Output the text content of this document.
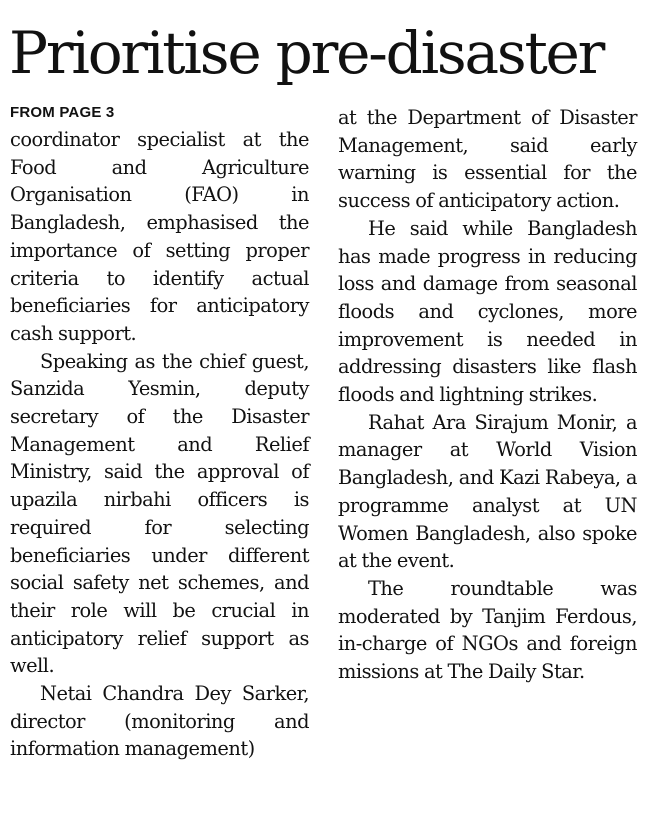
Prioritise pre-disaster
FROM PAGE 3

coordinator specialist at the Food and Agriculture Organisation (FAO) in Bangladesh, emphasised the importance of setting proper criteria to identify actual beneficiaries for anticipatory cash support.

Speaking as the chief guest, Sanzida Yesmin, deputy secretary of the Disaster Management and Relief Ministry, said the approval of upazila nirbahi officers is required for selecting beneficiaries under different social safety net schemes, and their role will be crucial in anticipatory relief support as well.

Netai Chandra Dey Sarker, director (monitoring and information management)

at the Department of Disaster Management, said early warning is essential for the success of anticipatory action.

He said while Bangladesh has made progress in reducing loss and damage from seasonal floods and cyclones, more improvement is needed in addressing disasters like flash floods and lightning strikes.

Rahat Ara Sirajum Monir, a manager at World Vision Bangladesh, and Kazi Rabeya, a programme analyst at UN Women Bangladesh, also spoke at the event.

The roundtable was moderated by Tanjim Ferdous, in-charge of NGOs and foreign missions at The Daily Star.
